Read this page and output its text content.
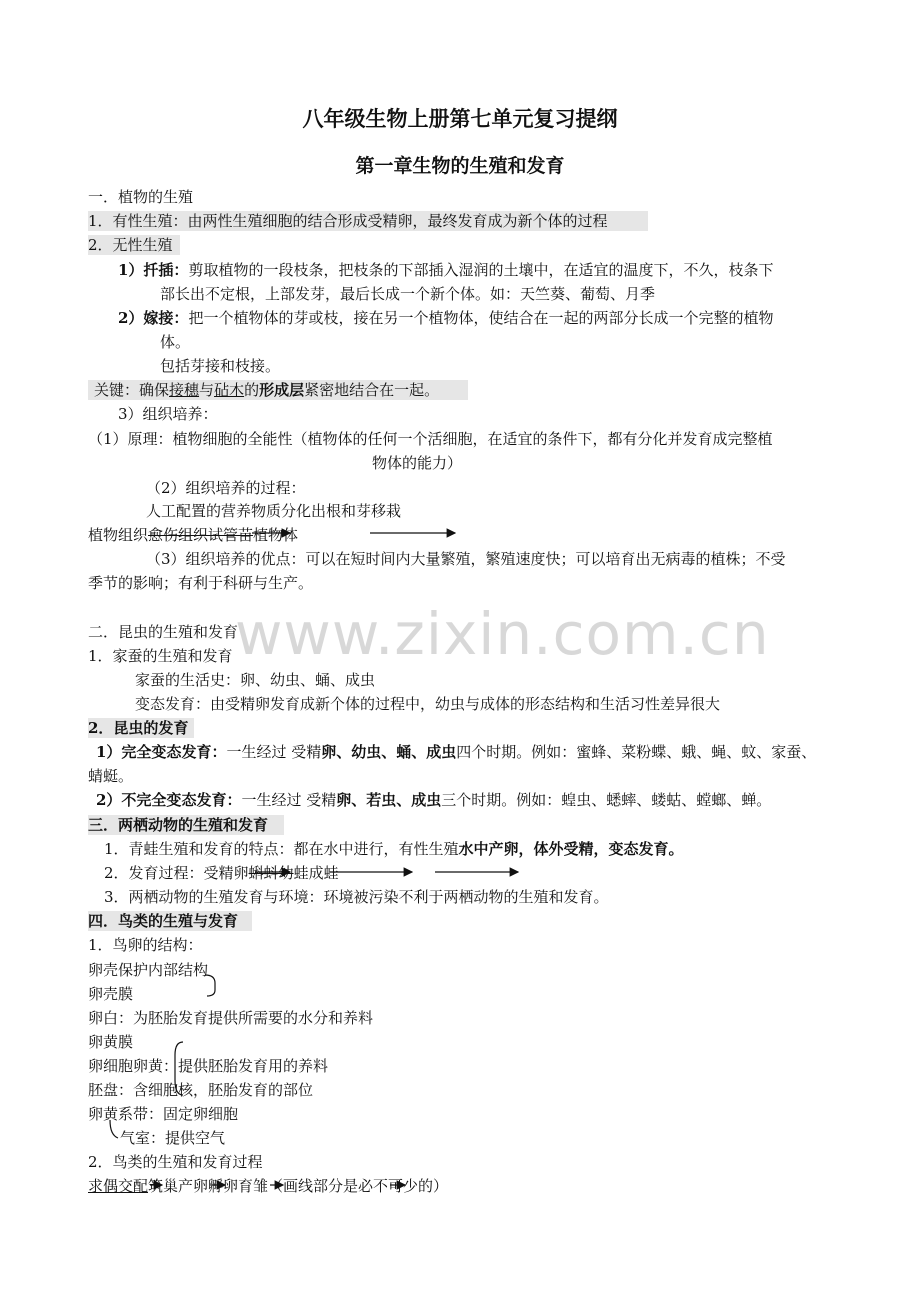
www.zixin.com.cn
八年级生物上册第七单元复习提纲
第一章生物的生殖和发育
一．植物的生殖
1．有性生殖：由两性生殖细胞的结合形成受精卵，最终发育成为新个体的过程
2．无性生殖
1）扦插：剪取植物的一段枝条，把枝条的下部插入湿润的土壤中，在适宜的温度下，不久，枝条下
部长出不定根，上部发芽，最后长成一个新个体。如：天竺葵、葡萄、月季
2）嫁接：把一个植物体的芽或枝，接在另一个植物体，使结合在一起的两部分长成一个完整的植物
体。
包括芽接和枝接。
关键：确保接穗与砧木的形成层紧密地结合在一起。
3）组织培养：
（1）原理：植物细胞的全能性（植物体的任何一个活细胞，在适宜的条件下，都有分化并发育成完整植
物体的能力）
（2）组织培养的过程：
人工配置的营养物质分化出根和芽移栽
植物组织愈伤组织试管苗植物体
（3）组织培养的优点：可以在短时间内大量繁殖，繁殖速度快；可以培育出无病毒的植株；不受
季节的影响；有利于科研与生产。
二．昆虫的生殖和发育
1．家蚕的生殖和发育
家蚕的生活史：卵、幼虫、蛹、成虫
变态发育：由受精卵发育成新个体的过程中，幼虫与成体的形态结构和生活习性差异很大
2．昆虫的发育
1）完全变态发育：一生经过 受精卵、幼虫、蛹、成虫四个时期。例如：蜜蜂、菜粉蝶、蛾、蝇、蚊、家蚕、
蜻蜓。
2）不完全变态发育：一生经过 受精卵、若虫、成虫三个时期。例如：蝗虫、蟋蟀、蝼蛄、螳螂、蝉。
三．两栖动物的生殖和发育
1．青蛙生殖和发育的特点：都在水中进行，有性生殖水中产卵，体外受精，变态发育。
2．发育过程：受精卵蝌蚪幼蛙成蛙
3．两栖动物的生殖发育与环境：环境被污染不利于两栖动物的生殖和发育。
四．鸟类的生殖与发育
1．鸟卵的结构：
卵壳保护内部结构
卵壳膜
卵白：为胚胎发育提供所需要的水分和养料
卵黄膜
卵细胞卵黄：提供胚胎发育用的养料
胚盘：含细胞核，胚胎发育的部位
卵黄系带：固定卵细胞
气室：提供空气
2．鸟类的生殖和发育过程
求偶交配筑巢产卵孵卵育雏（画线部分是必不可少的）
